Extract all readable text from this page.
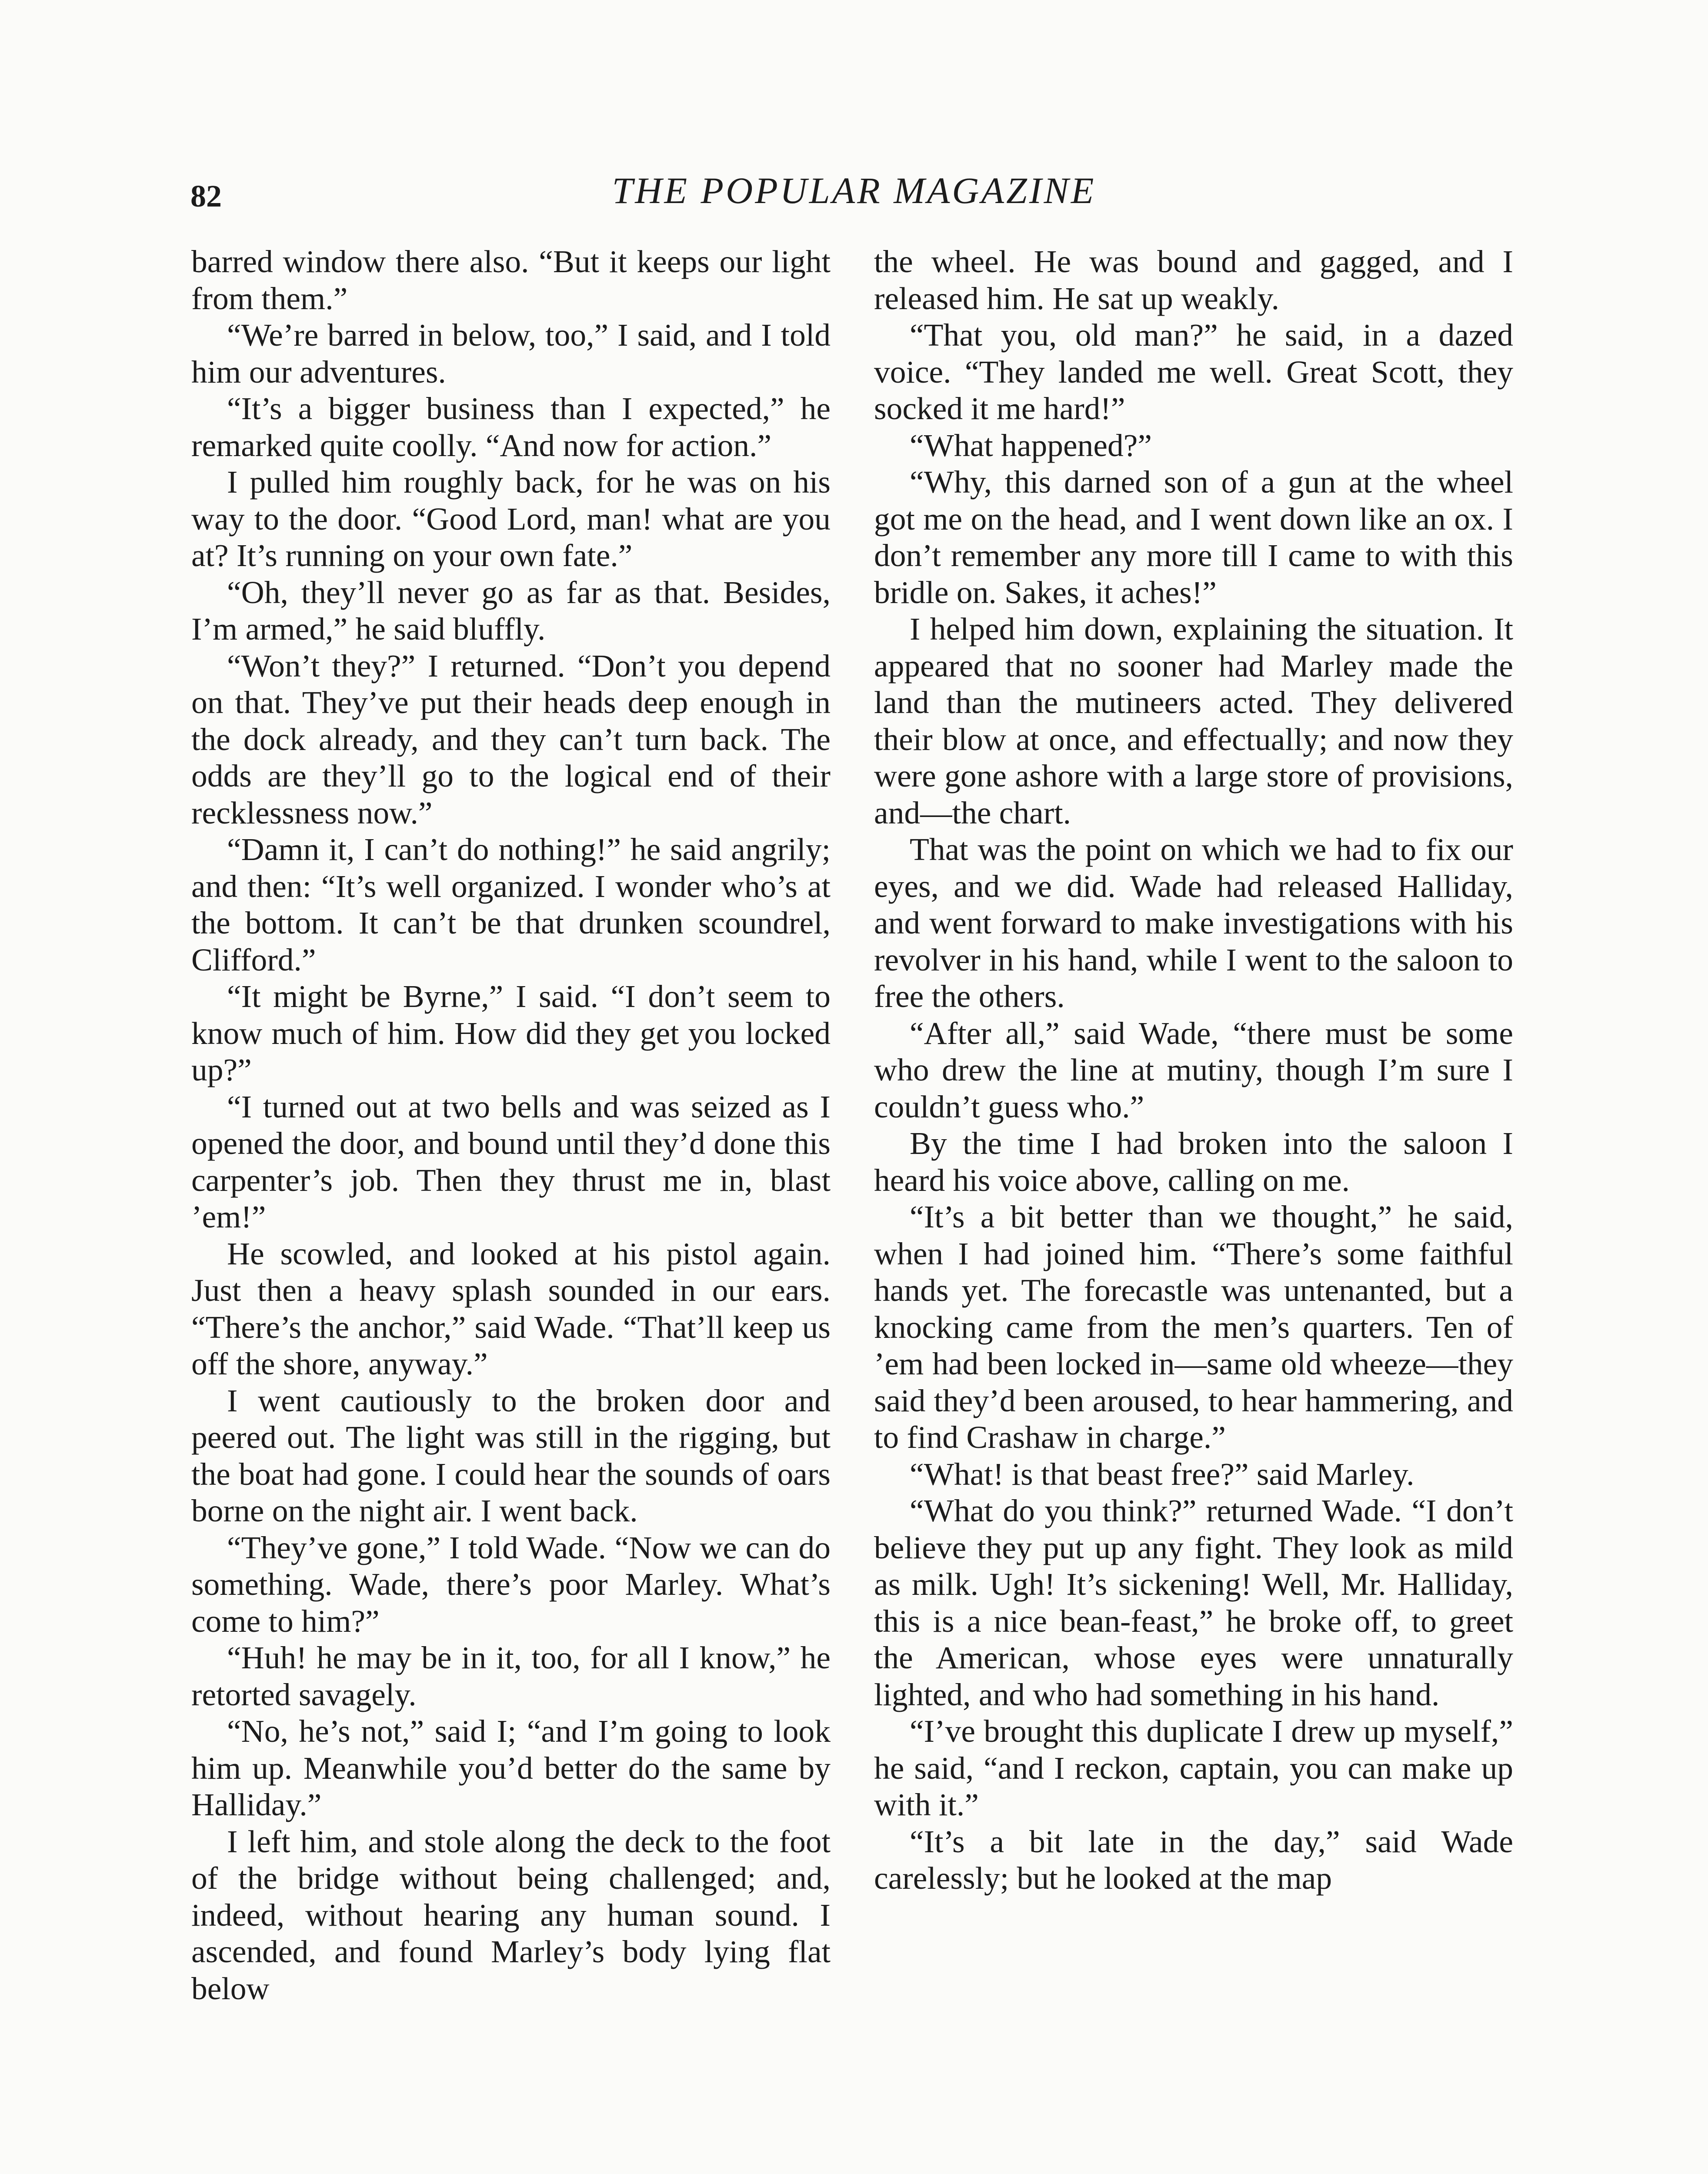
82	THE POPULAR MAGAZINE

barred window there also. “But it keeps our light from them.”

“We’re barred in below, too,” I said, and I told him our adventures.

“It’s a bigger business than I expected,” he remarked quite coolly. “And now for action.”

I pulled him roughly back, for he was on his way to the door. “Good Lord, man! what are you at? It’s running on your own fate.”

“Oh, they’ll never go as far as that. Besides, I’m armed,” he said bluffly.

“Won’t they?” I returned. “Don’t you depend on that. They’ve put their heads deep enough in the dock already, and they can’t turn back. The odds are they’ll go to the logical end of their recklessness now.”

“Damn it, I can’t do nothing!” he said angrily; and then: “It’s well organized. I wonder who’s at the bottom. It can’t be that drunken scoundrel, Clifford.”

“It might be Byrne,” I said. “I don’t seem to know much of him. How did they get you locked up?”

“I turned out at two bells and was seized as I opened the door, and bound until they’d done this carpenter’s job. Then they thrust me in, blast ’em!”

He scowled, and looked at his pistol again. Just then a heavy splash sounded in our ears. “There’s the anchor,” said Wade. “That’ll keep us off the shore, anyway.”

I went cautiously to the broken door and peered out. The light was still in the rigging, but the boat had gone. I could hear the sounds of oars borne on the night air. I went back.

“They’ve gone,” I told Wade. “Now we can do something. Wade, there’s poor Marley. What’s come to him?”

“Huh! he may be in it, too, for all I know,” he retorted savagely.

“No, he’s not,” said I; “and I’m going to look him up. Meanwhile you’d better do the same by Halliday.”

I left him, and stole along the deck to the foot of the bridge without being challenged; and, indeed, without hearing any human sound. I ascended, and found Marley’s body lying flat below

the wheel. He was bound and gagged, and I released him. He sat up weakly.

“That you, old man?” he said, in a dazed voice. “They landed me well. Great Scott, they socked it me hard!”

“What happened?”

“Why, this darned son of a gun at the wheel got me on the head, and I went down like an ox. I don’t remember any more till I came to with this bridle on. Sakes, it aches!”

I helped him down, explaining the situation. It appeared that no sooner had Marley made the land than the mutineers acted. They delivered their blow at once, and effectually; and now they were gone ashore with a large store of provisions, and—the chart.

That was the point on which we had to fix our eyes, and we did. Wade had released Halliday, and went forward to make investigations with his revolver in his hand, while I went to the saloon to free the others.

“After all,” said Wade, “there must be some who drew the line at mutiny, though I’m sure I couldn’t guess who.”

By the time I had broken into the saloon I heard his voice above, calling on me.

“It’s a bit better than we thought,” he said, when I had joined him. “There’s some faithful hands yet. The forecastle was untenanted, but a knocking came from the men’s quarters. Ten of ’em had been locked in—same old wheeze—they said they’d been aroused, to hear hammering, and to find Crashaw in charge.”

“What! is that beast free?” said Marley.

“What do you think?” returned Wade. “I don’t believe they put up any fight. They look as mild as milk. Ugh! It’s sickening! Well, Mr. Halliday, this is a nice bean-feast,” he broke off, to greet the American, whose eyes were unnaturally lighted, and who had something in his hand.

“I’ve brought this duplicate I drew up myself,” he said, “and I reckon, captain, you can make up with it.”

“It’s a bit late in the day,” said Wade carelessly; but he looked at the map
